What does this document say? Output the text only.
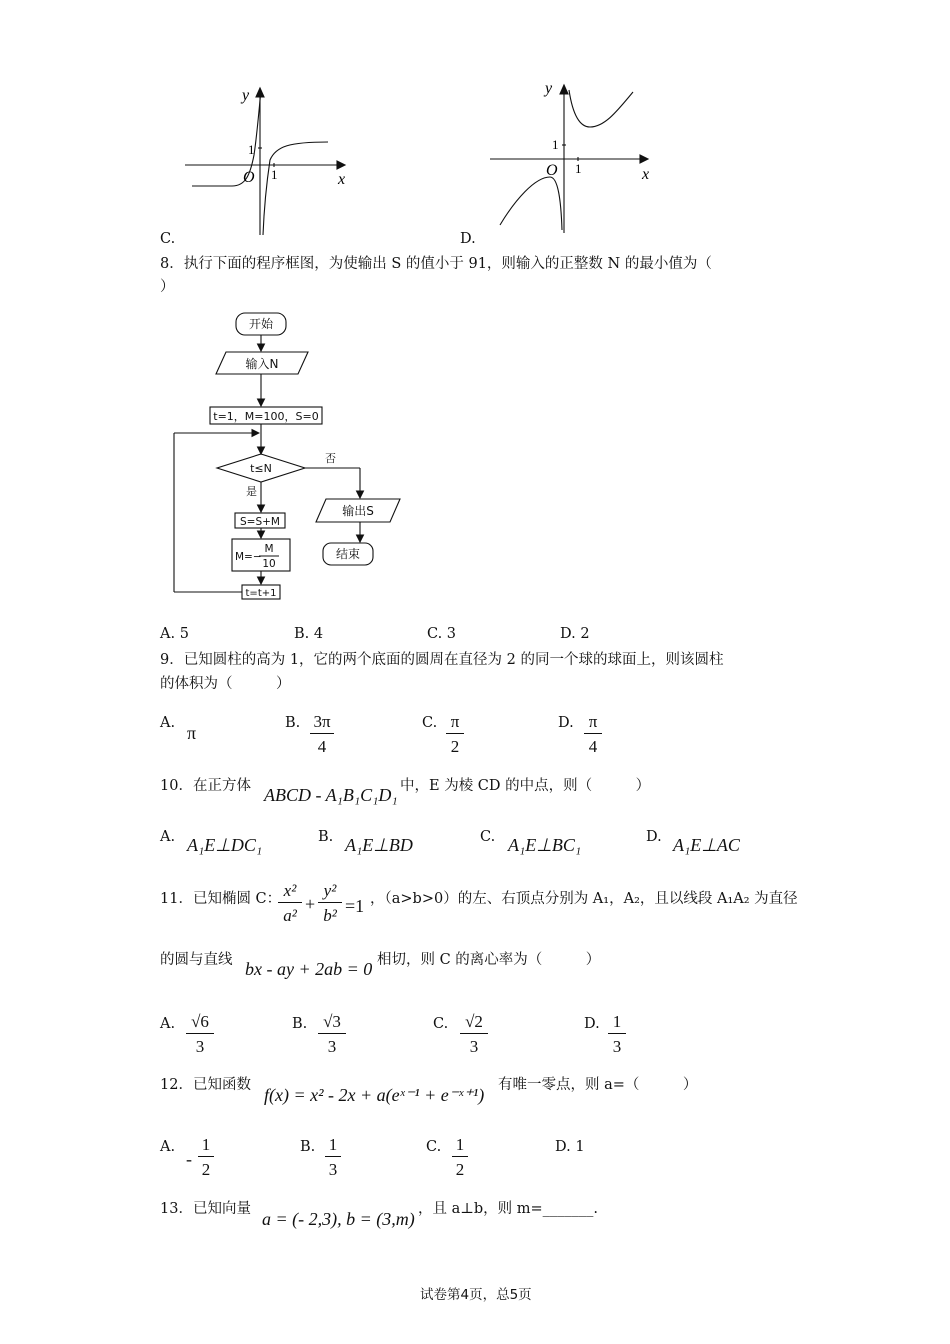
y
x
O
1
1
C.
y
x
O
1
1
D.
8．执行下面的程序框图，为使输出 S 的值小于 91，则输入的正整数 N 的最小值为（
）
开始
输入N
t=1，M=100，S=0
t≤N
否
是
输出S
结束
S=S+M
M=−
M
10
t=t+1
A. 5	B. 4	C. 3	D. 2
9．已知圆柱的高为 1，它的两个底面的圆周在直径为 2 的同一个球的球面上，则该圆柱
的体积为（　　　）
A. π	B. $\frac{3\pi}{4}$	C. $\frac{\pi}{2}$	D. $\frac{\pi}{4}$
10．在正方体 ABCD - A₁B₁C₁D₁ 中，E 为棱 CD 的中点，则（　　　）
A. A₁E⊥DC₁	B. A₁E⊥BD	C. A₁E⊥BC₁	D. A₁E⊥AC
11．已知椭圆 C：
$\frac{\text{x²}}{\text{a²}} + \frac{\text{y²}}{\text{b²}} =1$ ，（a>b>0）的左、右顶点分别为 A₁，A₂，且以线段 A₁A₂ 为直径
的圆与直线 bx - ay + 2ab = 0 相切，则 C 的离心率为（　　　）
A. $\frac{√6}{3}$	B. $\frac{√3}{3}$	C. $\frac{√2}{3}$	D. $\frac{1}{3}$
12．已知函数 f(x) = x² - 2x + a(eˣ⁻¹ + e⁻ˣ⁺¹) 有唯一零点，则 a=（　　　）
A.
- $\frac{1}{2}$	B. $\frac{1}{3}$	C. $\frac{1}{2}$	D. 1
13．已知向量 a = (- 2,3), b = (3,m) ，且 a⊥b，则 m=_______.
试卷第4页，总5页
